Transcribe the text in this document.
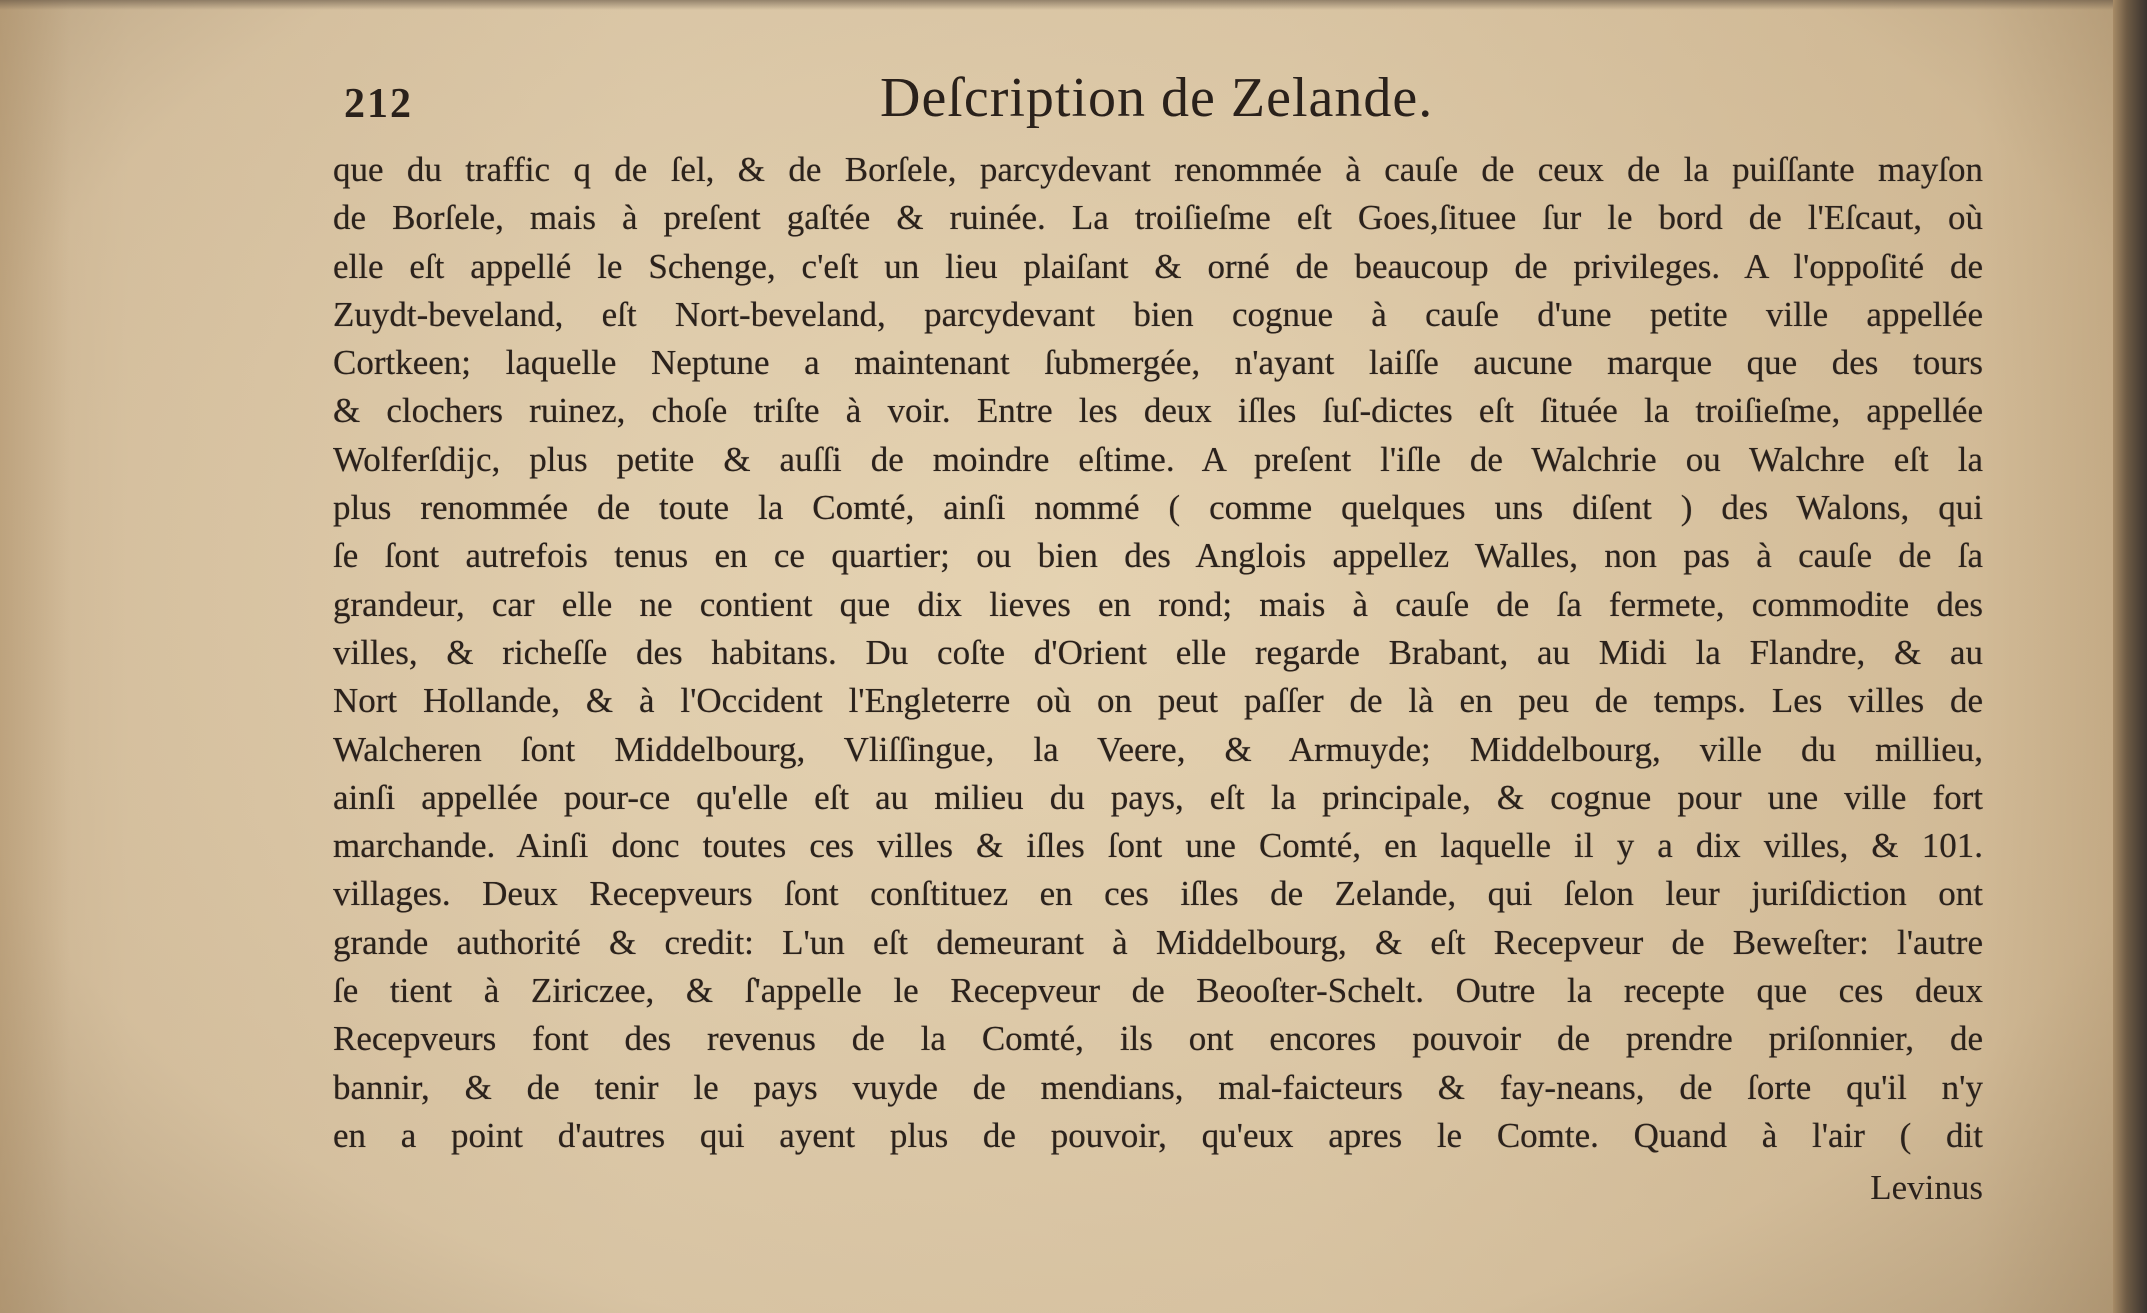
212	Deſcription de Zelande.
que du traffic q de ſel, & de Borſele, parcydevant renommée à cauſe de ceux de la puiſſante mayſon
de Borſele, mais à preſent gaſtée & ruinée. La troiſieſme eſt Goes,ſituee ſur le bord de l'Eſcaut, où
elle eſt appellé le Schenge, c'eſt un lieu plaiſant & orné de beaucoup de privileges. A l'oppoſité de
Zuydt-beveland, eſt Nort-beveland, parcydevant bien cognue à cauſe d'une petite ville appellée
Cortkeen; laquelle Neptune a maintenant ſubmergée, n'ayant laiſſe aucune marque que des tours
& clochers ruinez, choſe triſte à voir. Entre les deux iſles ſuſ-dictes eſt ſituée la troiſieſme, appellée
Wolferſdijc, plus petite & auſſi de moindre eſtime. A preſent l'iſle de Walchrie ou Walchre eſt la
plus renommée de toute la Comté, ainſi nommé ( comme quelques uns diſent ) des Walons, qui
ſe ſont autrefois tenus en ce quartier; ou bien des Anglois appellez Walles, non pas à cauſe de ſa
grandeur, car elle ne contient que dix lieves en rond; mais à cauſe de ſa fermete, commodite des
villes, & richeſſe des habitans. Du coſte d'Orient elle regarde Brabant, au Midi la Flandre, & au
Nort Hollande, & à l'Occident l'Engleterre où on peut paſſer de là en peu de temps. Les villes de
Walcheren ſont Middelbourg, Vliſſingue, la Veere, & Armuyde; Middelbourg, ville du millieu,
ainſi appellée pour-ce qu'elle eſt au milieu du pays, eſt la principale, & cognue pour une ville fort
marchande. Ainſi donc toutes ces villes & iſles ſont une Comté, en laquelle il y a dix villes, & 101.
villages. Deux Recepveurs ſont conſtituez en ces iſles de Zelande, qui ſelon leur juriſdiction ont
grande authorité & credit: L'un eſt demeurant à Middelbourg, & eſt Recepveur de Beweſter: l'autre
ſe tient à Ziriczee, & ſ'appelle le Recepveur de Beooſter-Schelt. Outre la recepte que ces deux
Recepveurs font des revenus de la Comté, ils ont encores pouvoir de prendre priſonnier, de
bannir, & de tenir le pays vuyde de mendians, mal-faicteurs & fay-neans, de ſorte qu'il n'y
en a point d'autres qui ayent plus de pouvoir, qu'eux apres le Comte. Quand à l'air ( dit
Levinus
